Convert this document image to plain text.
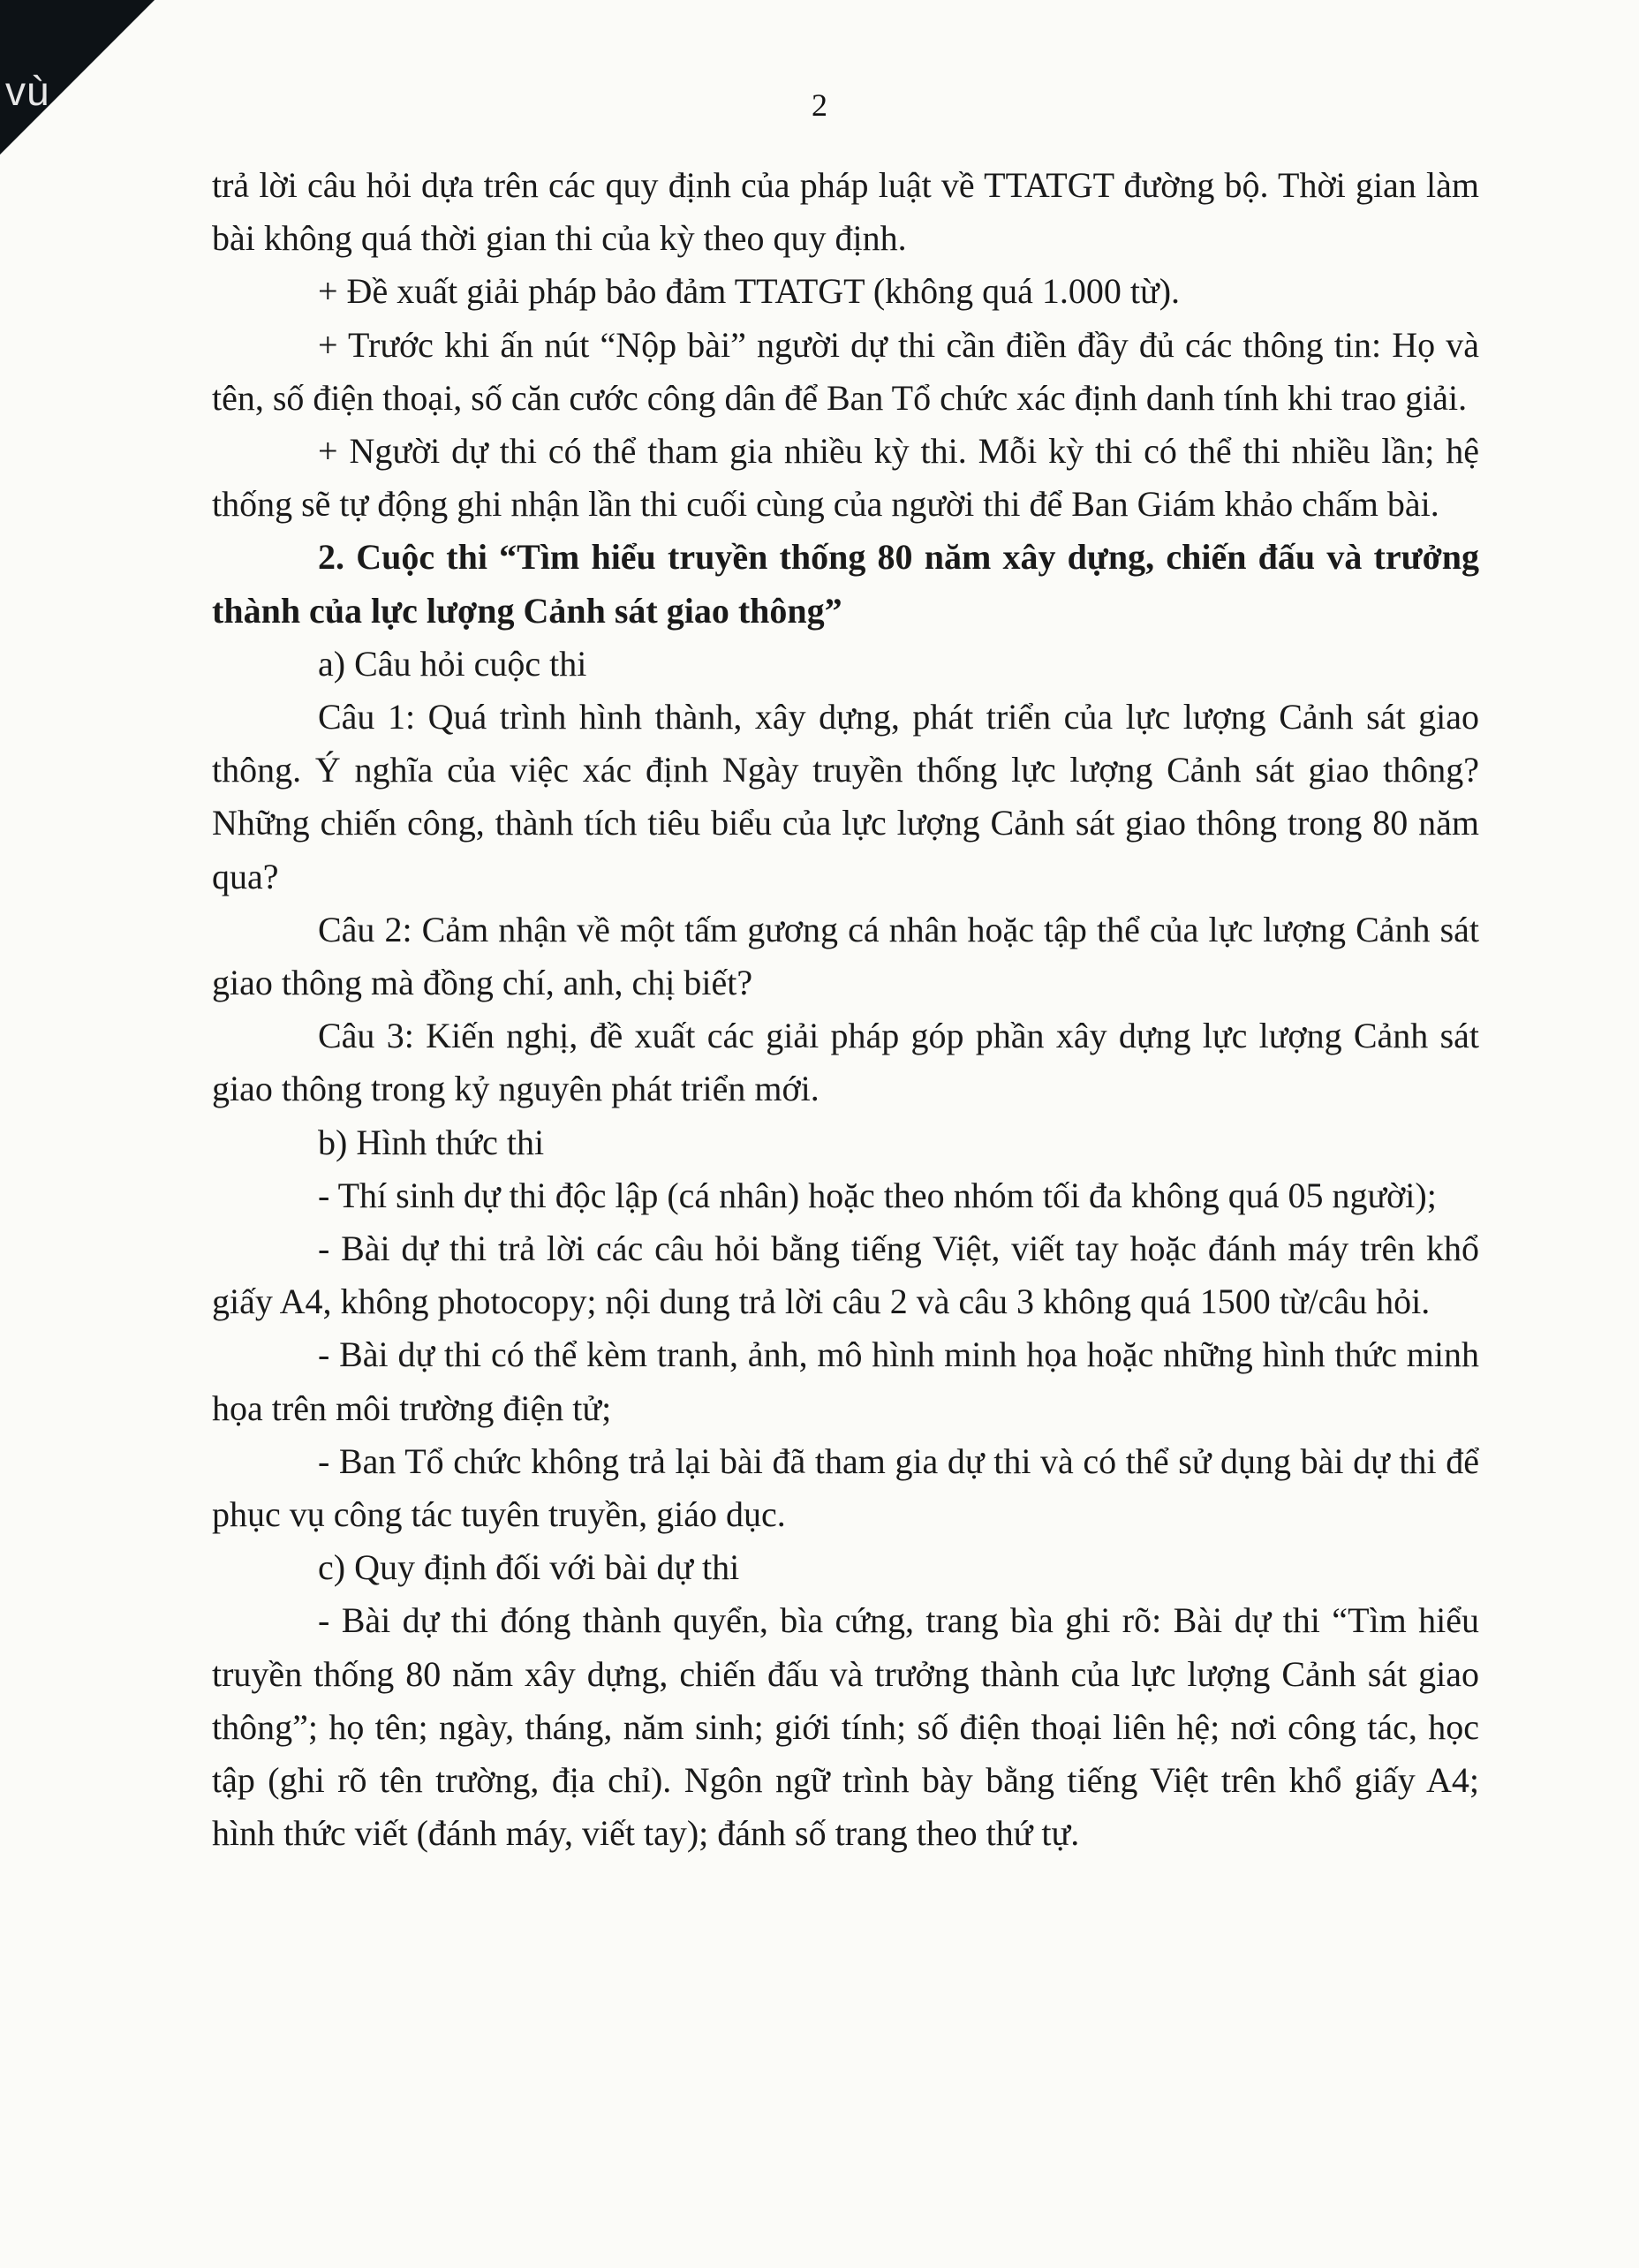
vù	2

trả lời câu hỏi dựa trên các quy định của pháp luật về TTATGT đường bộ. Thời gian làm bài không quá thời gian thi của kỳ theo quy định.

+ Đề xuất giải pháp bảo đảm TTATGT (không quá 1.000 từ).

+ Trước khi ấn nút “Nộp bài” người dự thi cần điền đầy đủ các thông tin: Họ và tên, số điện thoại, số căn cước công dân để Ban Tổ chức xác định danh tính khi trao giải.

+ Người dự thi có thể tham gia nhiều kỳ thi. Mỗi kỳ thi có thể thi nhiều lần; hệ thống sẽ tự động ghi nhận lần thi cuối cùng của người thi để Ban Giám khảo chấm bài.

2. Cuộc thi “Tìm hiểu truyền thống 80 năm xây dựng, chiến đấu và trưởng thành của lực lượng Cảnh sát giao thông”

a) Câu hỏi cuộc thi

Câu 1: Quá trình hình thành, xây dựng, phát triển của lực lượng Cảnh sát giao thông. Ý nghĩa của việc xác định Ngày truyền thống lực lượng Cảnh sát giao thông? Những chiến công, thành tích tiêu biểu của lực lượng Cảnh sát giao thông trong 80 năm qua?

Câu 2: Cảm nhận về một tấm gương cá nhân hoặc tập thể của lực lượng Cảnh sát giao thông mà đồng chí, anh, chị biết?

Câu 3: Kiến nghị, đề xuất các giải pháp góp phần xây dựng lực lượng Cảnh sát giao thông trong kỷ nguyên phát triển mới.

b) Hình thức thi

- Thí sinh dự thi độc lập (cá nhân) hoặc theo nhóm tối đa không quá 05 người);

- Bài dự thi trả lời các câu hỏi bằng tiếng Việt, viết tay hoặc đánh máy trên khổ giấy A4, không photocopy; nội dung trả lời câu 2 và câu 3 không quá 1500 từ/câu hỏi.

- Bài dự thi có thể kèm tranh, ảnh, mô hình minh họa hoặc những hình thức minh họa trên môi trường điện tử;

- Ban Tổ chức không trả lại bài đã tham gia dự thi và có thể sử dụng bài dự thi để phục vụ công tác tuyên truyền, giáo dục.

c) Quy định đối với bài dự thi

- Bài dự thi đóng thành quyển, bìa cứng, trang bìa ghi rõ: Bài dự thi “Tìm hiểu truyền thống 80 năm xây dựng, chiến đấu và trưởng thành của lực lượng Cảnh sát giao thông”; họ tên; ngày, tháng, năm sinh; giới tính; số điện thoại liên hệ; nơi công tác, học tập (ghi rõ tên trường, địa chỉ). Ngôn ngữ trình bày bằng tiếng Việt trên khổ giấy A4; hình thức viết (đánh máy, viết tay); đánh số trang theo thứ tự.
